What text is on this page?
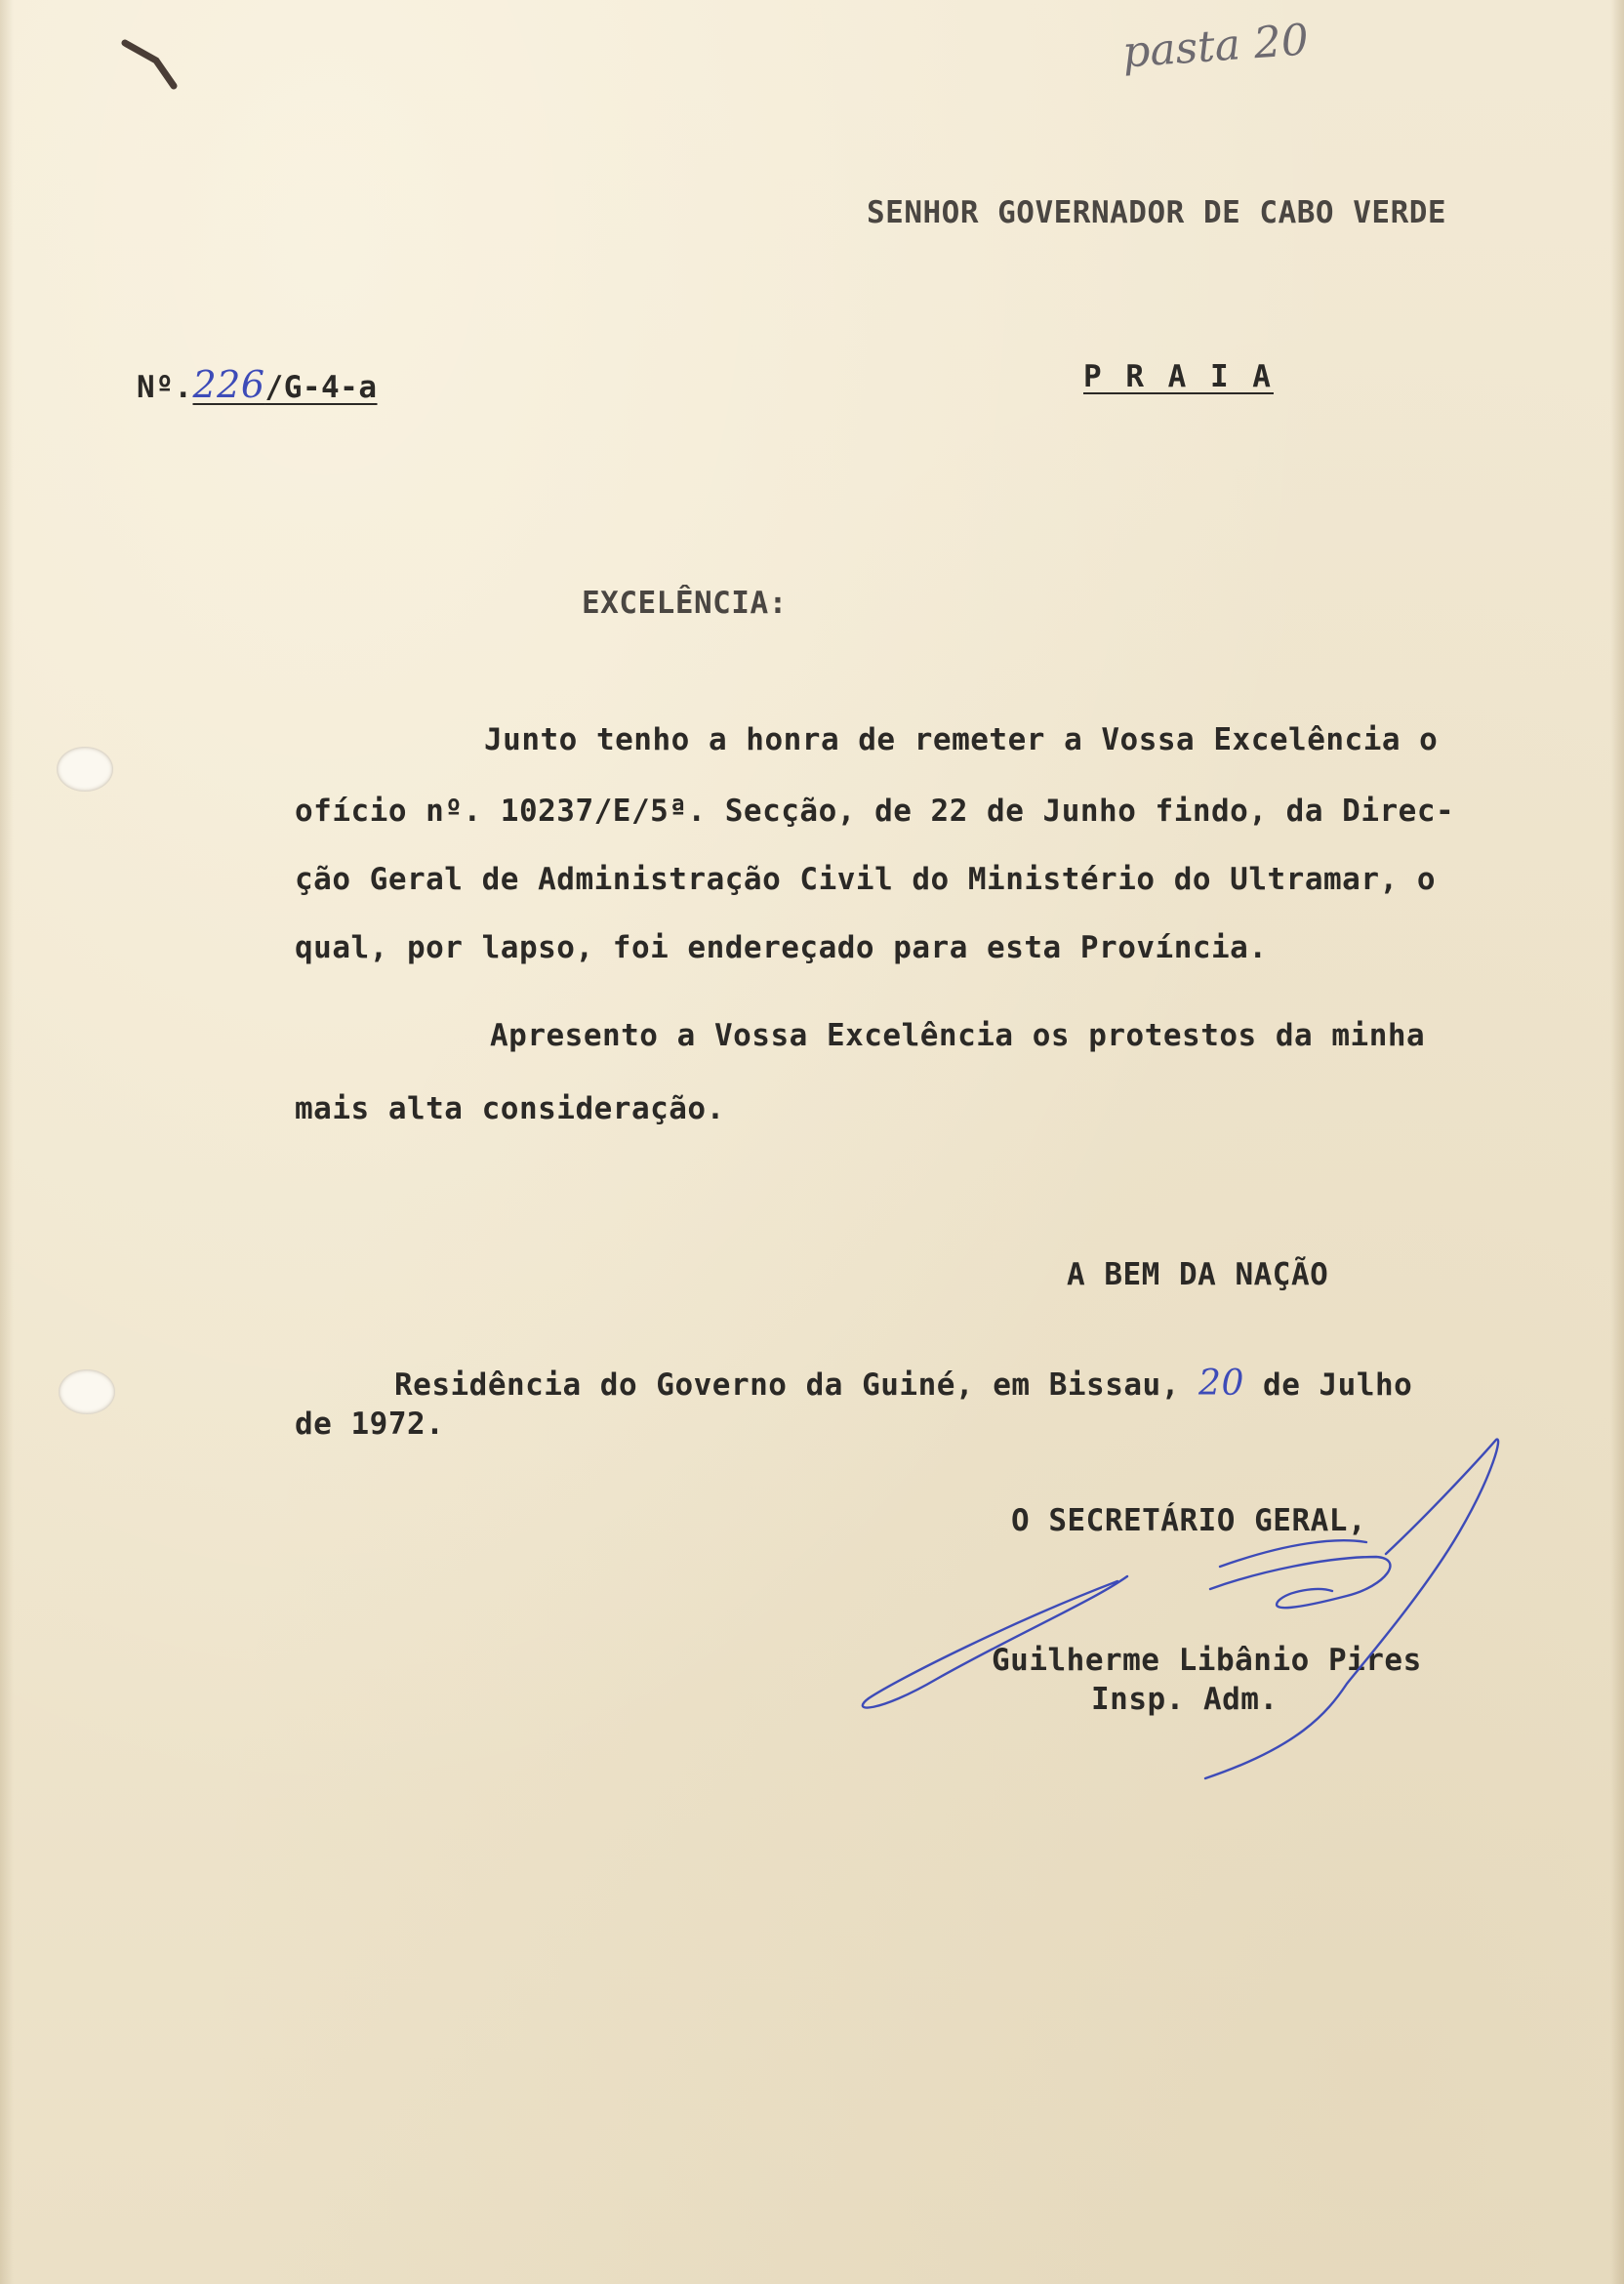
pasta 20
SENHOR GOVERNADOR DE CABO VERDE
Nº.226/G-4-a	P R A I A
EXCELÊNCIA:
Junto tenho a honra de remeter a Vossa Excelência o
ofício nº. 10237/E/5ª. Secção, de 22 de Junho findo, da Direc-
ção Geral de Administração Civil do Ministério do Ultramar, o
qual, por lapso, foi endereçado para esta Província.
Apresento a Vossa Excelência os protestos da minha
mais alta consideração.
A BEM DA NAÇÃO
Residência do Governo da Guiné, em Bissau, 20 de Julho
de 1972.
O SECRETÁRIO GERAL,
Guilherme Libânio Pires
Insp. Adm.
